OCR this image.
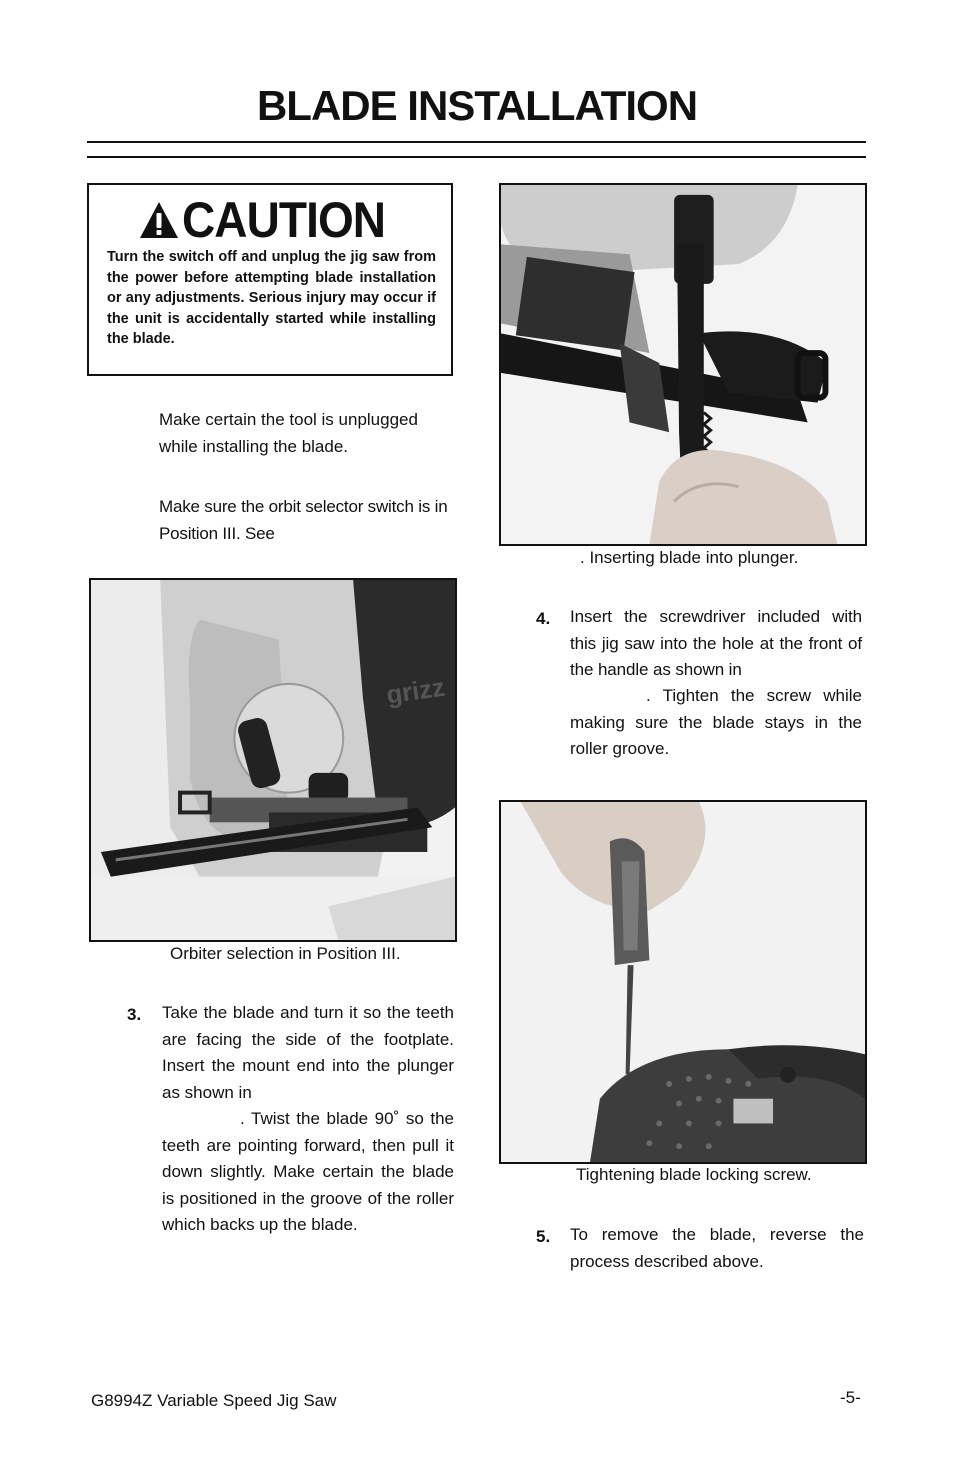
BLADE INSTALLATION
CAUTION
Turn the switch off and unplug the jig saw from the power before attempting blade installation or any adjustments. Serious injury may occur if the unit is accidentally started while installing the blade.
Make certain the tool is unplugged while installing the blade.
Make sure the orbit selector switch is in Position III. See
grizz
Orbiter selection in Position III.
3. Take the blade and turn it so the teeth are facing the side of the footplate. Insert the mount end into the plunger as shown in
. Twist the blade 90˚ so the teeth are pointing forward, then pull it down slightly. Make certain the blade is positioned in the groove of the roller which backs up the blade.
. Inserting blade into plunger.
4. Insert the screwdriver included with this jig saw into the hole at the front of the handle as shown in
. Tighten the screw while making sure the blade stays in the roller groove.
Tightening blade locking screw.
5. To remove the blade, reverse the process described above.
G8994Z Variable Speed Jig Saw	-5-
